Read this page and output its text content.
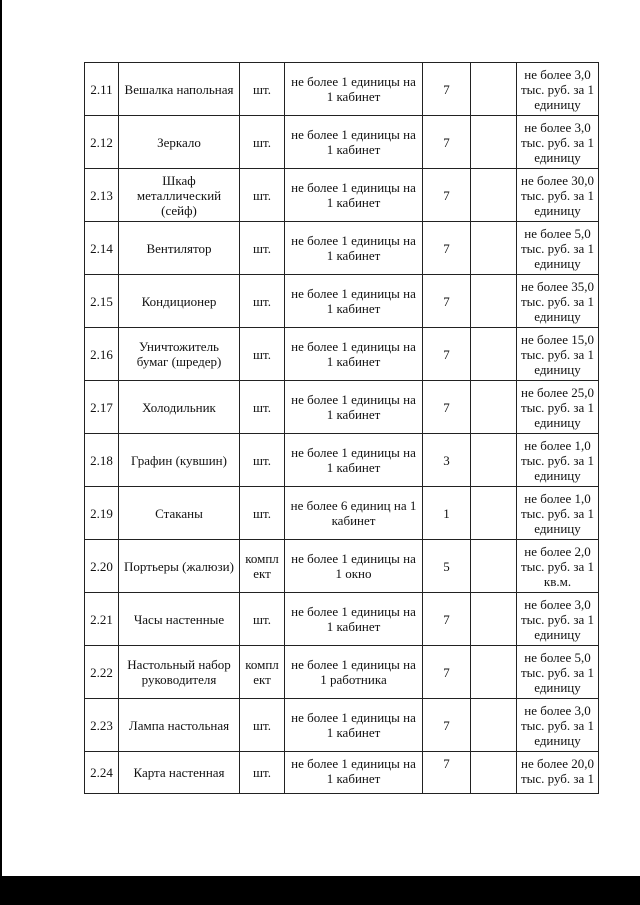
2.11	Вешалка напольная	шт.	не более 1 единицы на 1 кабинет	7		не более 3,0 тыс. руб. за 1 единицу
2.12	Зеркало	шт.	не более 1 единицы на 1 кабинет	7		не более 3,0 тыс. руб. за 1 единицу
2.13	Шкаф металлический (сейф)	шт.	не более 1 единицы на 1 кабинет	7		не более 30,0 тыс. руб. за 1 единицу
2.14	Вентилятор	шт.	не более 1 единицы на 1 кабинет	7		не более 5,0 тыс. руб. за 1 единицу
2.15	Кондиционер	шт.	не более 1 единицы на 1 кабинет	7		не более 35,0 тыс. руб. за 1 единицу
2.16	Уничтожитель бумаг (шредер)	шт.	не более 1 единицы на 1 кабинет	7		не более 15,0 тыс. руб. за 1 единицу
2.17	Холодильник	шт.	не более 1 единицы на 1 кабинет	7		не более 25,0 тыс. руб. за 1 единицу
2.18	Графин (кувшин)	шт.	не более 1 единицы на 1 кабинет	3		не более 1,0 тыс. руб. за 1 единицу
2.19	Стаканы	шт.	не более 6 единиц на 1 кабинет	1		не более 1,0 тыс. руб. за 1 единицу
2.20	Портьеры (жалюзи)	компл ект	не более 1 единицы на 1 окно	5		не более 2,0 тыс. руб. за 1 кв.м.
2.21	Часы настенные	шт.	не более 1 единицы на 1 кабинет	7		не более 3,0 тыс. руб. за 1 единицу
2.22	Настольный набор руководителя	компл ект	не более 1 единицы на 1 работника	7		не более 5,0 тыс. руб. за 1 единицу
2.23	Лампа настольная	шт.	не более 1 единицы на 1 кабинет	7		не более 3,0 тыс. руб. за 1 единицу
2.24	Карта настенная	шт.	не более 1 единицы на 1 кабинет	7		не более 20,0 тыс. руб. за 1
